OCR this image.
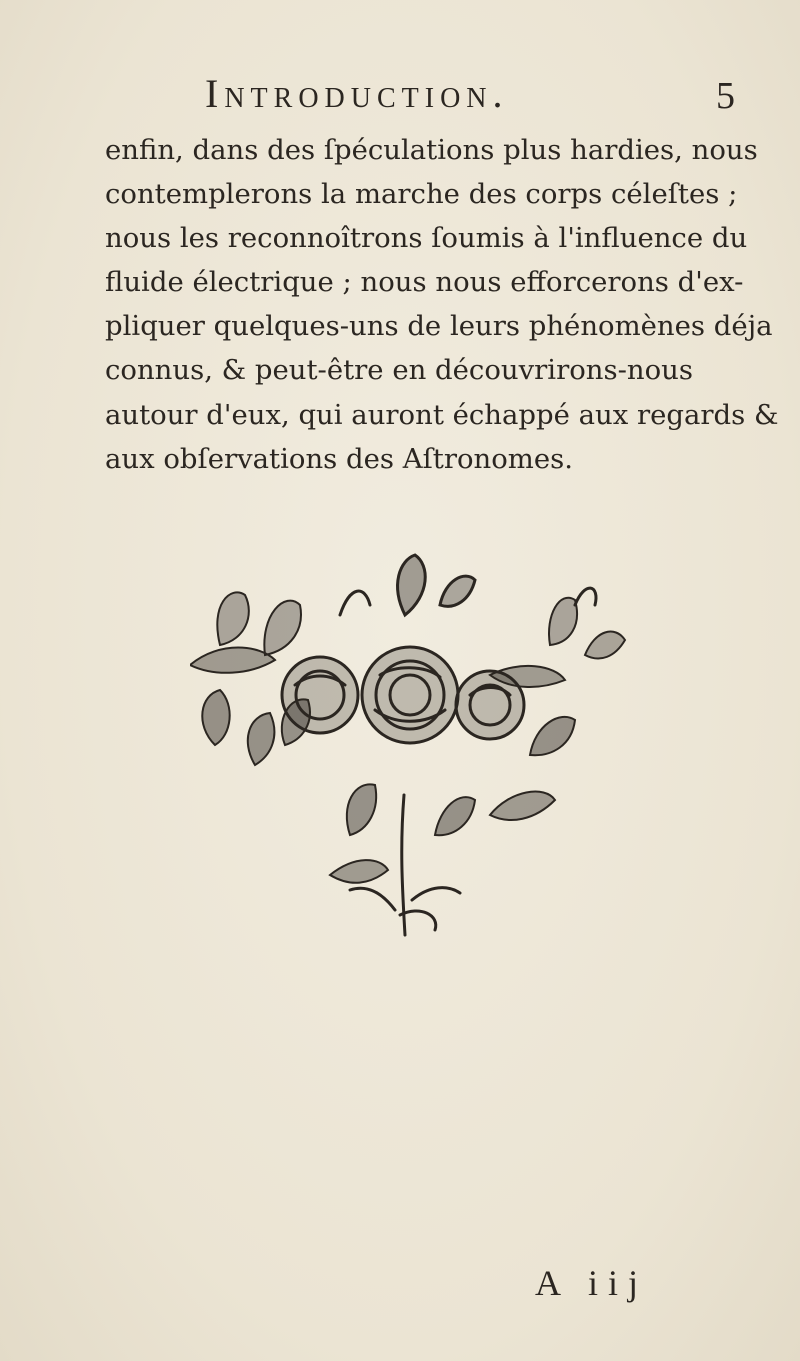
Introduction.	5
enfin, dans des ſpéculations plus hardies, nous
contemplerons la marche des corps céleſtes ;
nous les reconnoîtrons ſoumis à l'influence du
fluide électrique ; nous nous efforcerons d'ex-
pliquer quelques-uns de leurs phénomènes déja
connus, & peut-être en découvrirons-nous
autour d'eux, qui auront échappé aux regards &
aux obſervations des Aſtronomes.
A iij
